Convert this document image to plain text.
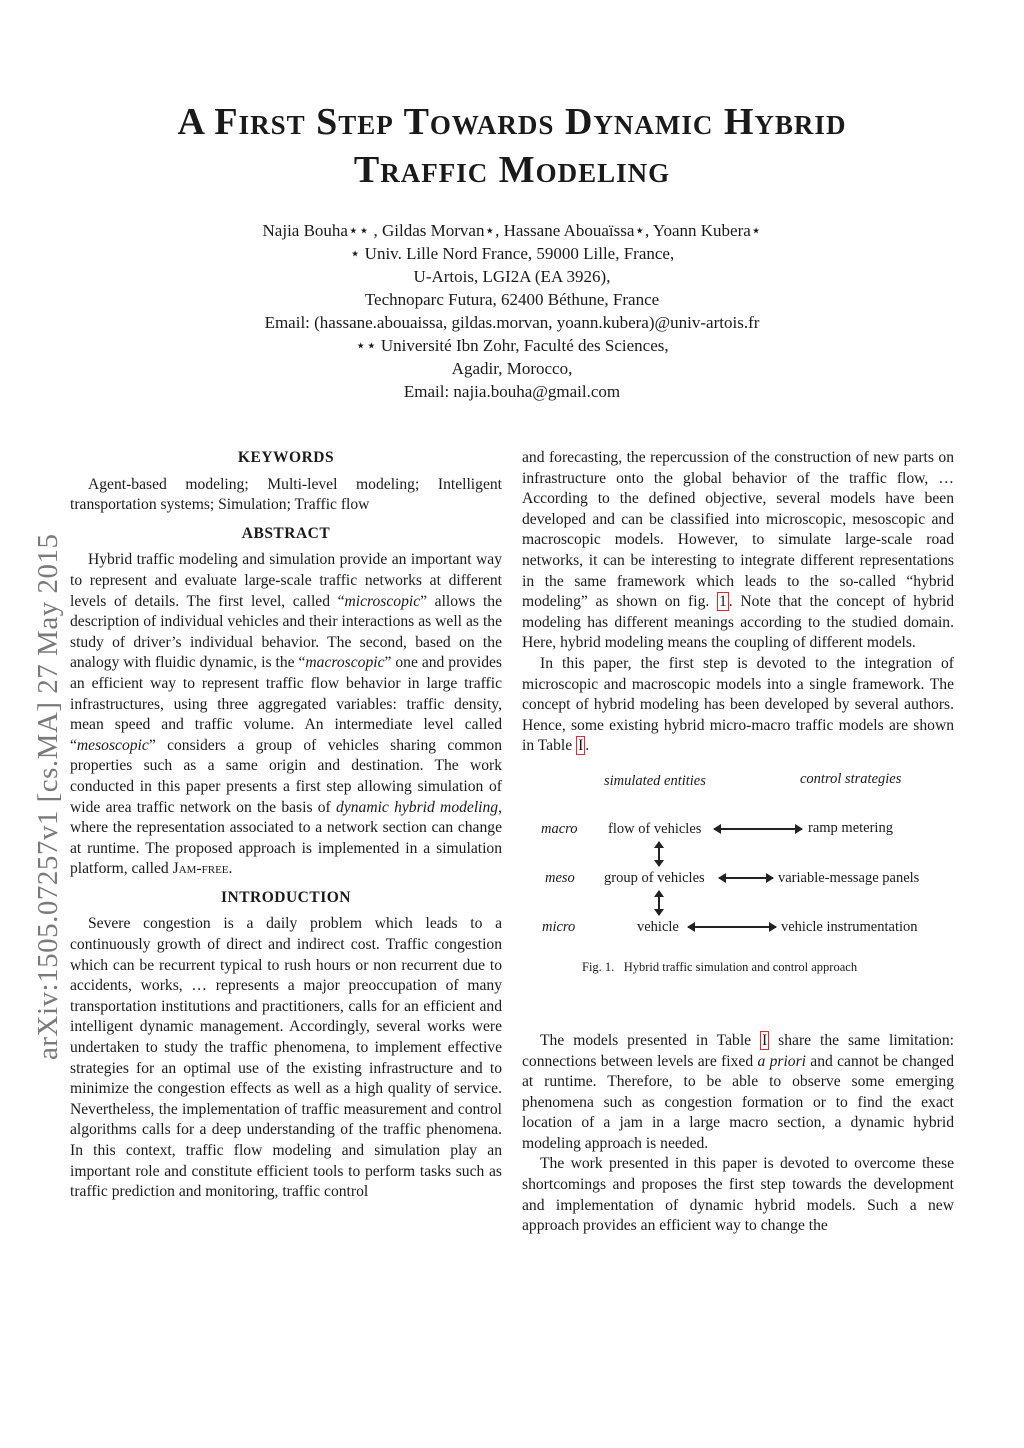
A First Step Towards Dynamic Hybrid
Traffic Modeling
Najia Bouha⋆⋆ , Gildas Morvan⋆, Hassane Abouaïssa⋆, Yoann Kubera⋆
⋆ Univ. Lille Nord France, 59000 Lille, France,
U-Artois, LGI2A (EA 3926),
Technoparc Futura, 62400 Béthune, France
Email: (hassane.abouaissa, gildas.morvan, yoann.kubera)@univ-artois.fr
⋆⋆ Université Ibn Zohr, Faculté des Sciences,
Agadir, Morocco,
Email: najia.bouha@gmail.com
arXiv:1505.07257v1 [cs.MA] 27 May 2015
KEYWORDS

Agent-based modeling; Multi-level modeling; Intelligent transportation systems; Simulation; Traffic flow

ABSTRACT

Hybrid traffic modeling and simulation provide an important way to represent and evaluate large-scale traffic networks at different levels of details. The first level, called “microscopic” allows the description of individual vehicles and their interactions as well as the study of driver’s individual behavior. The second, based on the analogy with fluidic dynamic, is the “macroscopic” one and provides an efficient way to represent traffic flow behavior in large traffic infrastructures, using three aggregated variables: traffic density, mean speed and traffic volume. An intermediate level called “mesoscopic” considers a group of vehicles sharing common properties such as a same origin and destination. The work conducted in this paper presents a first step allowing simulation of wide area traffic network on the basis of dynamic hybrid modeling, where the representation associated to a network section can change at runtime. The proposed approach is implemented in a simulation platform, called Jam-free.

INTRODUCTION

Severe congestion is a daily problem which leads to a continuously growth of direct and indirect cost. Traffic congestion which can be recurrent typical to rush hours or non recurrent due to accidents, works, … represents a major preoccupation of many transportation institutions and practitioners, calls for an efficient and intelligent dynamic management. Accordingly, several works were undertaken to study the traffic phenomena, to implement effective strategies for an optimal use of the existing infrastructure and to minimize the congestion effects as well as a high quality of service. Nevertheless, the implementation of traffic measurement and control algorithms calls for a deep understanding of the traffic phenomena. In this context, traffic flow modeling and simulation play an important role and constitute efficient tools to perform tasks such as traffic prediction and monitoring, traffic control

and forecasting, the repercussion of the construction of new parts on infrastructure onto the global behavior of the traffic flow, … According to the defined objective, several models have been developed and can be classified into microscopic, mesoscopic and macroscopic models. However, to simulate large-scale road networks, it can be interesting to integrate different representations in the same framework which leads to the so-called “hybrid modeling” as shown on fig. 1 . Note that the concept of hybrid modeling has different meanings according to the studied domain. Here, hybrid modeling means the coupling of different models.

In this paper, the first step is devoted to the integration of microscopic and macroscopic models into a single framework. The concept of hybrid modeling has been developed by several authors. Hence, some existing hybrid micro-macro traffic models are shown in Table I .

simulated entities	control strategies
macro flow of vehicles	ramp metering
meso group of vehicles	variable-message panels
micro	vehicle	vehicle instrumentation
Fig. 1. Hybrid traffic simulation and control approach

The models presented in Table I share the same limitation: connections between levels are fixed a priori and cannot be changed at runtime. Therefore, to be able to observe some emerging phenomena such as congestion formation or to find the exact location of a jam in a large macro section, a dynamic hybrid modeling approach is needed.

The work presented in this paper is devoted to overcome these shortcomings and proposes the first step towards the development and implementation of dynamic hybrid models. Such a new approach provides an efficient way to change the
